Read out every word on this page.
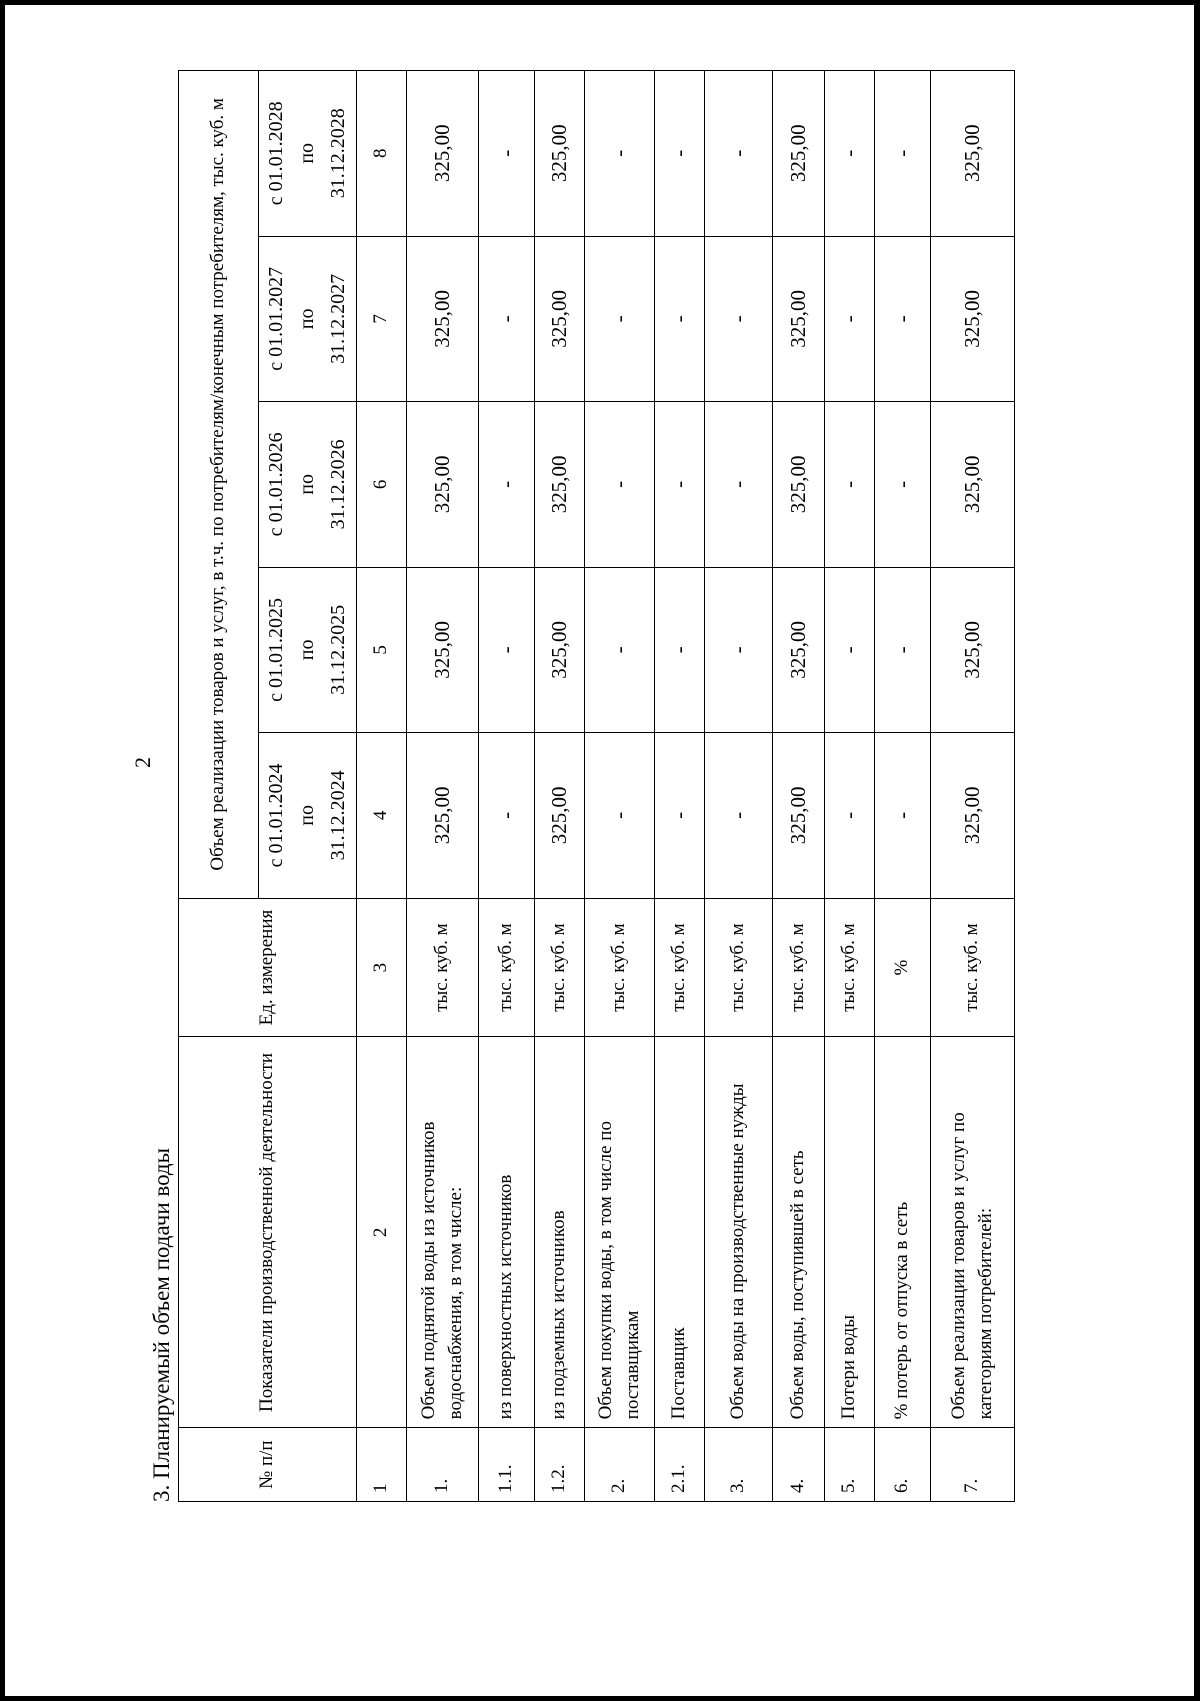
2
3. Планируемый объем подачи воды	№ п/п	Показатели производственной деятельности	Ед. измерения	Объем реализации товаров и услуг, в т.ч. по потребителям/конечным потребителям, тыс. куб. м				

			с 01.01.2024 по 31.12.2024	с 01.01.2025 по 31.12.2025	с 01.01.2026 по 31.12.2026	с 01.01.2027 по 31.12.2027	с 01.01.2028 по 31.12.2028

1	2	3	4	5	6	7	8
1.	Объем поднятой воды из источников водоснабжения, в том числе:	тыс. куб. м	325,00	325,00	325,00	325,00	325,00
1.1.	из поверхностных источников	тыс. куб. м	-	-	-	-	-
1.2.	из подземных источников	тыс. куб. м	325,00	325,00	325,00	325,00	325,00
2.	Объем покупки воды, в том числе по поставщикам	тыс. куб. м	-	-	-	-	-
2.1.	Поставщик	тыс. куб. м	-	-	-	-	-
3.	Объем воды на производственные нужды	тыс. куб. м	-	-	-	-	-
4.	Объем воды, поступившей в сеть	тыс. куб. м	325,00	325,00	325,00	325,00	325,00
5.	Потери воды	тыс. куб. м	-	-	-	-	-
6.	% потерь от отпуска в сеть	%	-	-	-	-	-
7.	Объем реализации товаров и услуг по категориям потребителей:	тыс. куб. м	325,00	325,00	325,00	325,00	325,00
